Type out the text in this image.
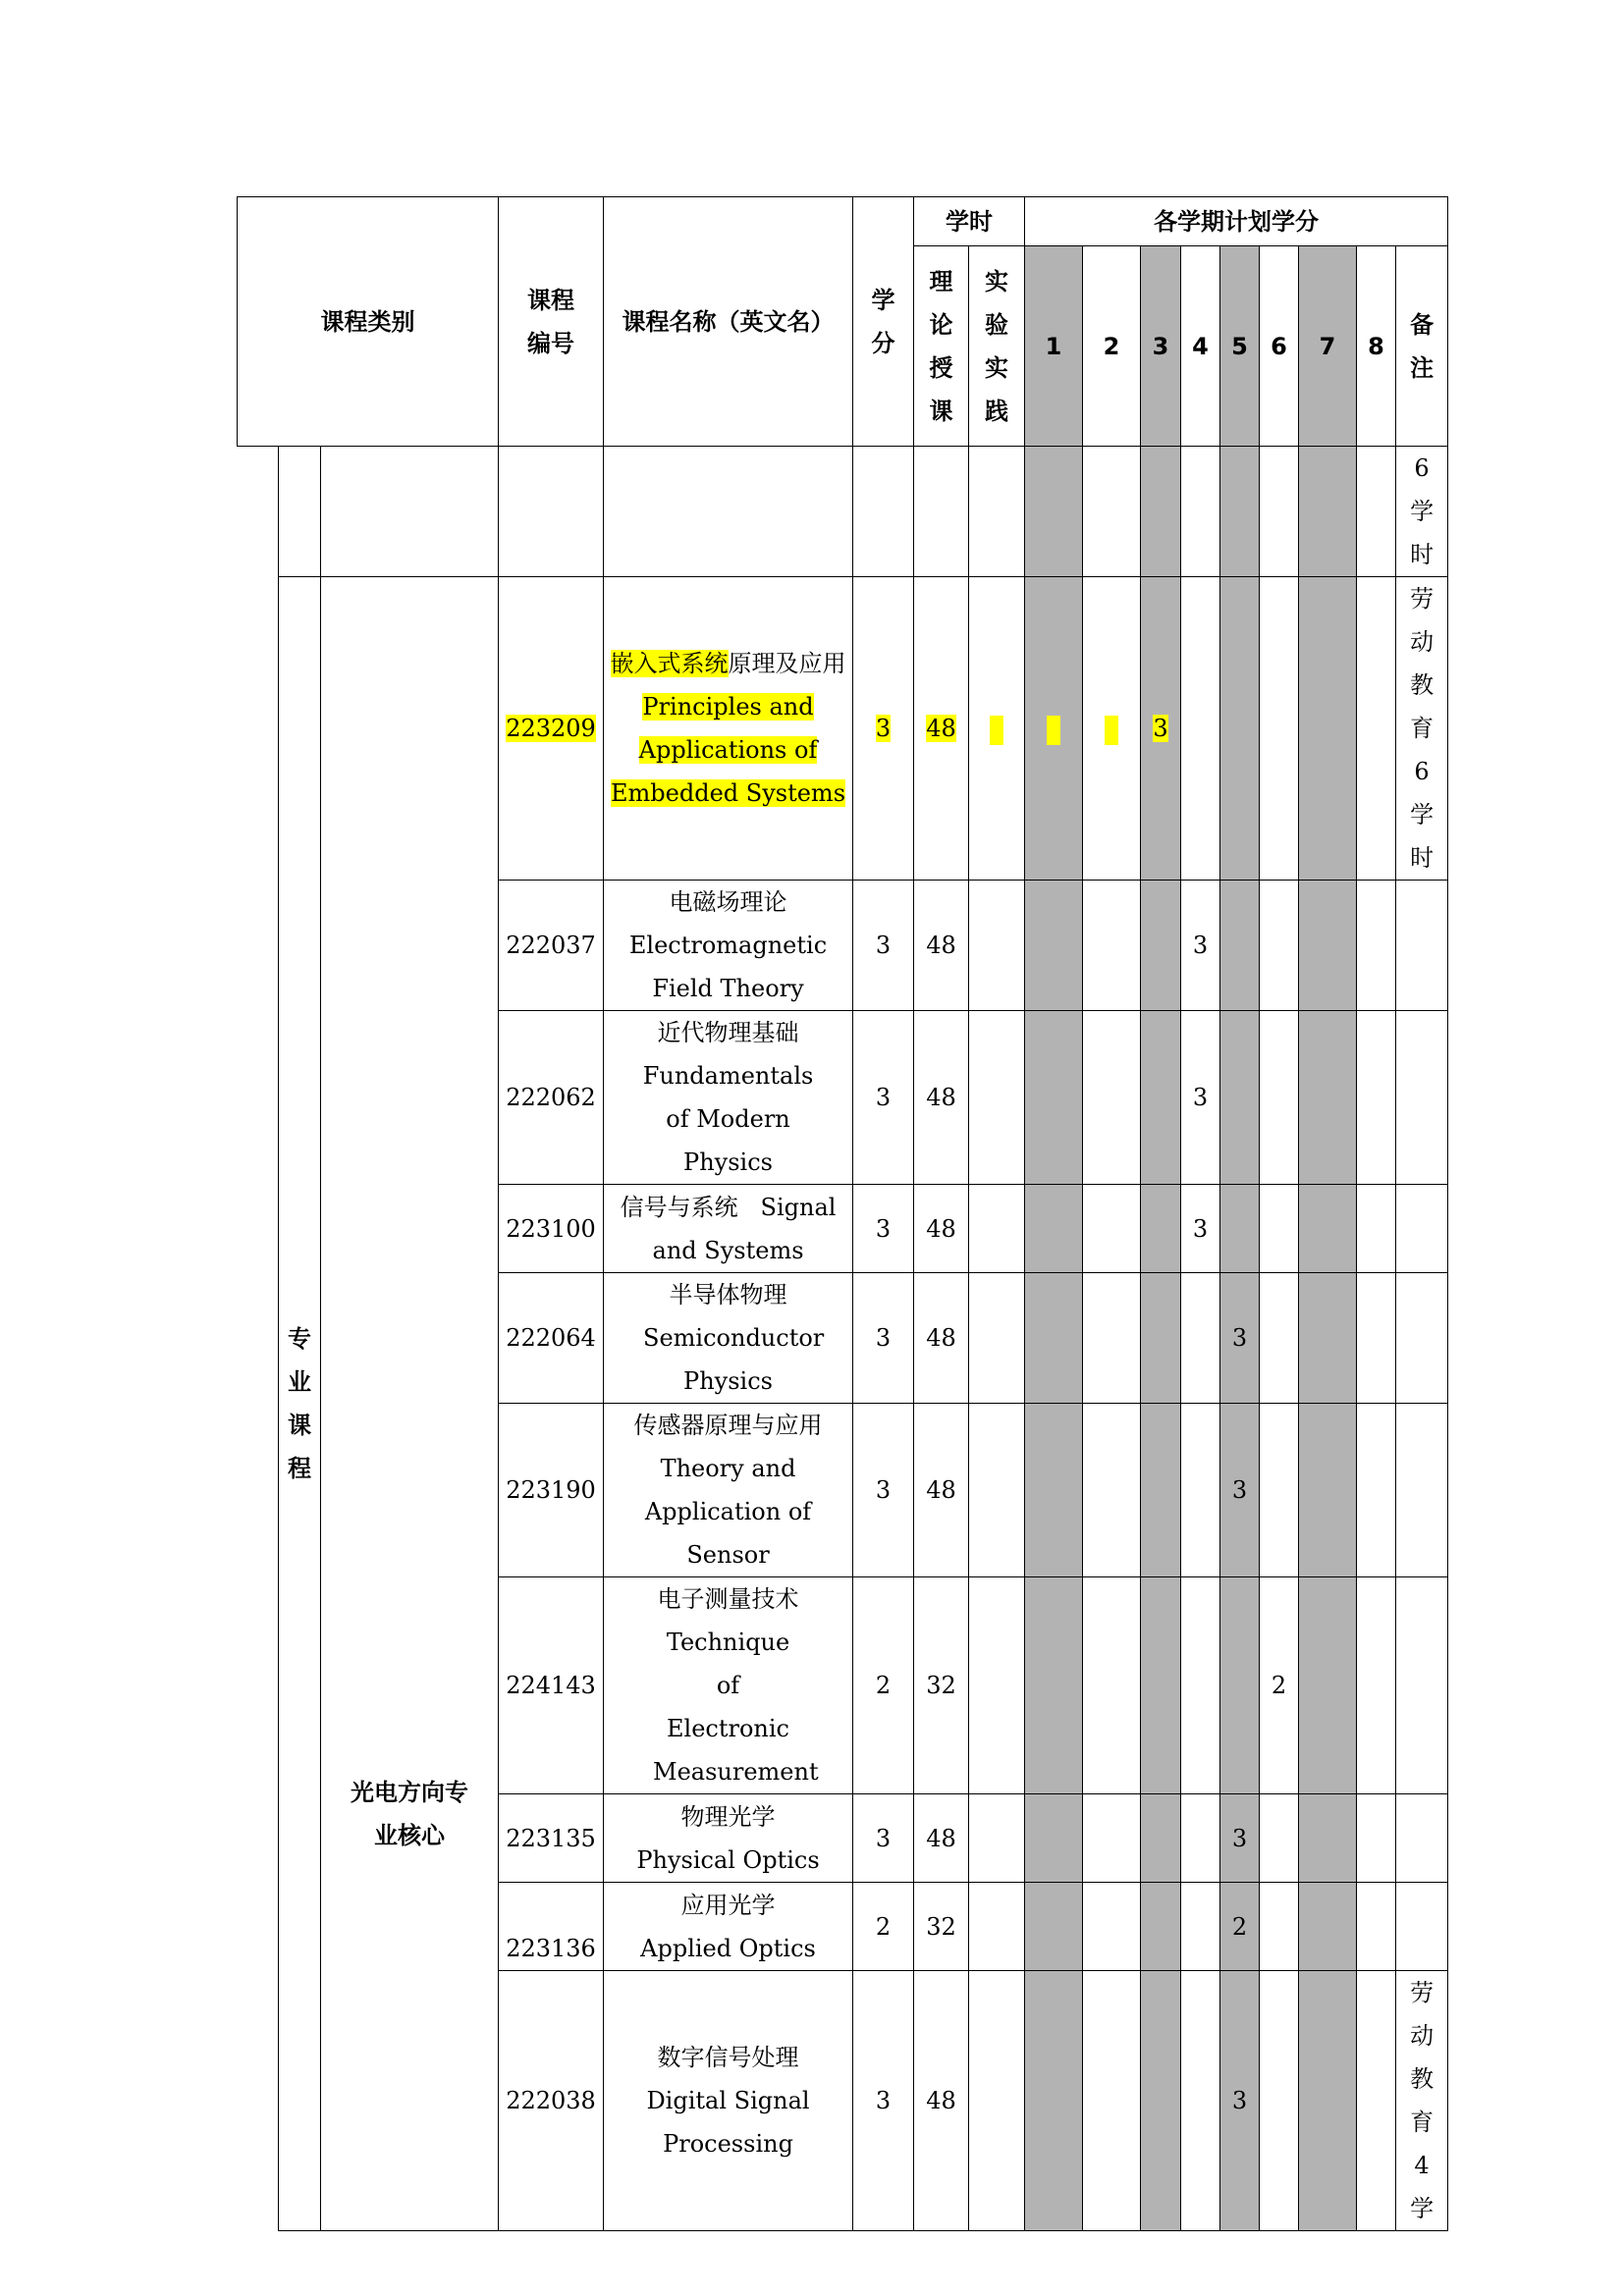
课程类别			课程编号	课程名称（英文名）	学分	学时		各学期计划学分								
						理论授课	实验实践	1	2	3	4	5	6	7	8	备注
																6学时
	专业课程	光电方向专业核心	223209	嵌入式系统原理及应用
Principles and Applications of Embedded Systems	3	48				3						劳动教育6学时
			222037	电磁场理论
Electromagnetic Field Theory	3	48					3					
			222062	近代物理基础
Fundamentals of Modern Physics	3	48					3					
			223100	信号与系统 Signal and Systems	3	48					3					
			222064	半导体物理
Semiconductor Physics	3	48						3				
			223190	传感器原理与应用
Theory and Application of Sensor	3	48						3				
			224143	电子测量技术
Technique of Electronic Measurement	2	32							2			
			223135	物理光学
Physical Optics	3	48						3				
			223136	应用光学
Applied Optics	2	32						2				
			222038	数字信号处理
Digital Signal Processing	3	48						3				劳动教育4学
